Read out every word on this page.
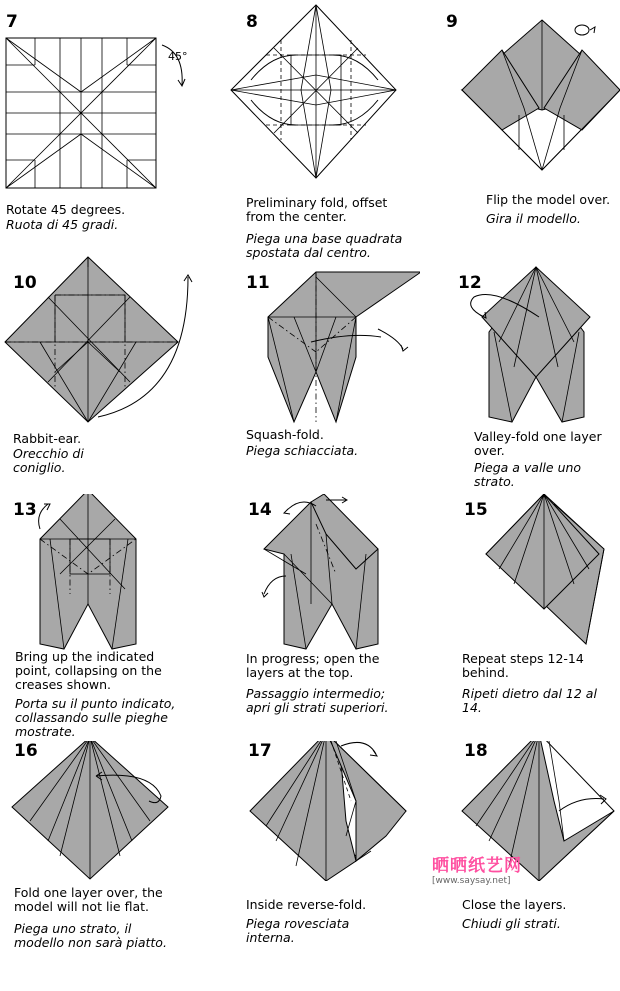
7
45°
Rotate 45 degrees.
Ruota di 45 gradi.
8
Preliminary fold, offset
from the center.
Piega una base quadrata
spostata dal centro.
9
Flip the model over.
Gira il modello.
10
Rabbit-ear.
Orecchio di
coniglio.
11
Squash-fold.
Piega schiacciata.
12
Valley-fold one layer
over.
Piega a valle uno strato.
13
Bring up the indicated
point, collapsing on the
creases shown.
Porta su il punto indicato,
collassando sulle pieghe mostrate.
14
In progress; open the
layers at the top.
Passaggio intermedio;
apri gli strati superiori.
15
Repeat steps 12-14
behind.
Ripeti dietro dal 12 al 14.
16
Fold one layer over, the
model will not lie flat.
Piega uno strato, il
modello non sarà piatto.
17
Inside reverse-fold.
Piega rovesciata
interna.
18
Close the layers.
Chiudi gli strati.
晒晒纸艺网
[www.saysay.net]
